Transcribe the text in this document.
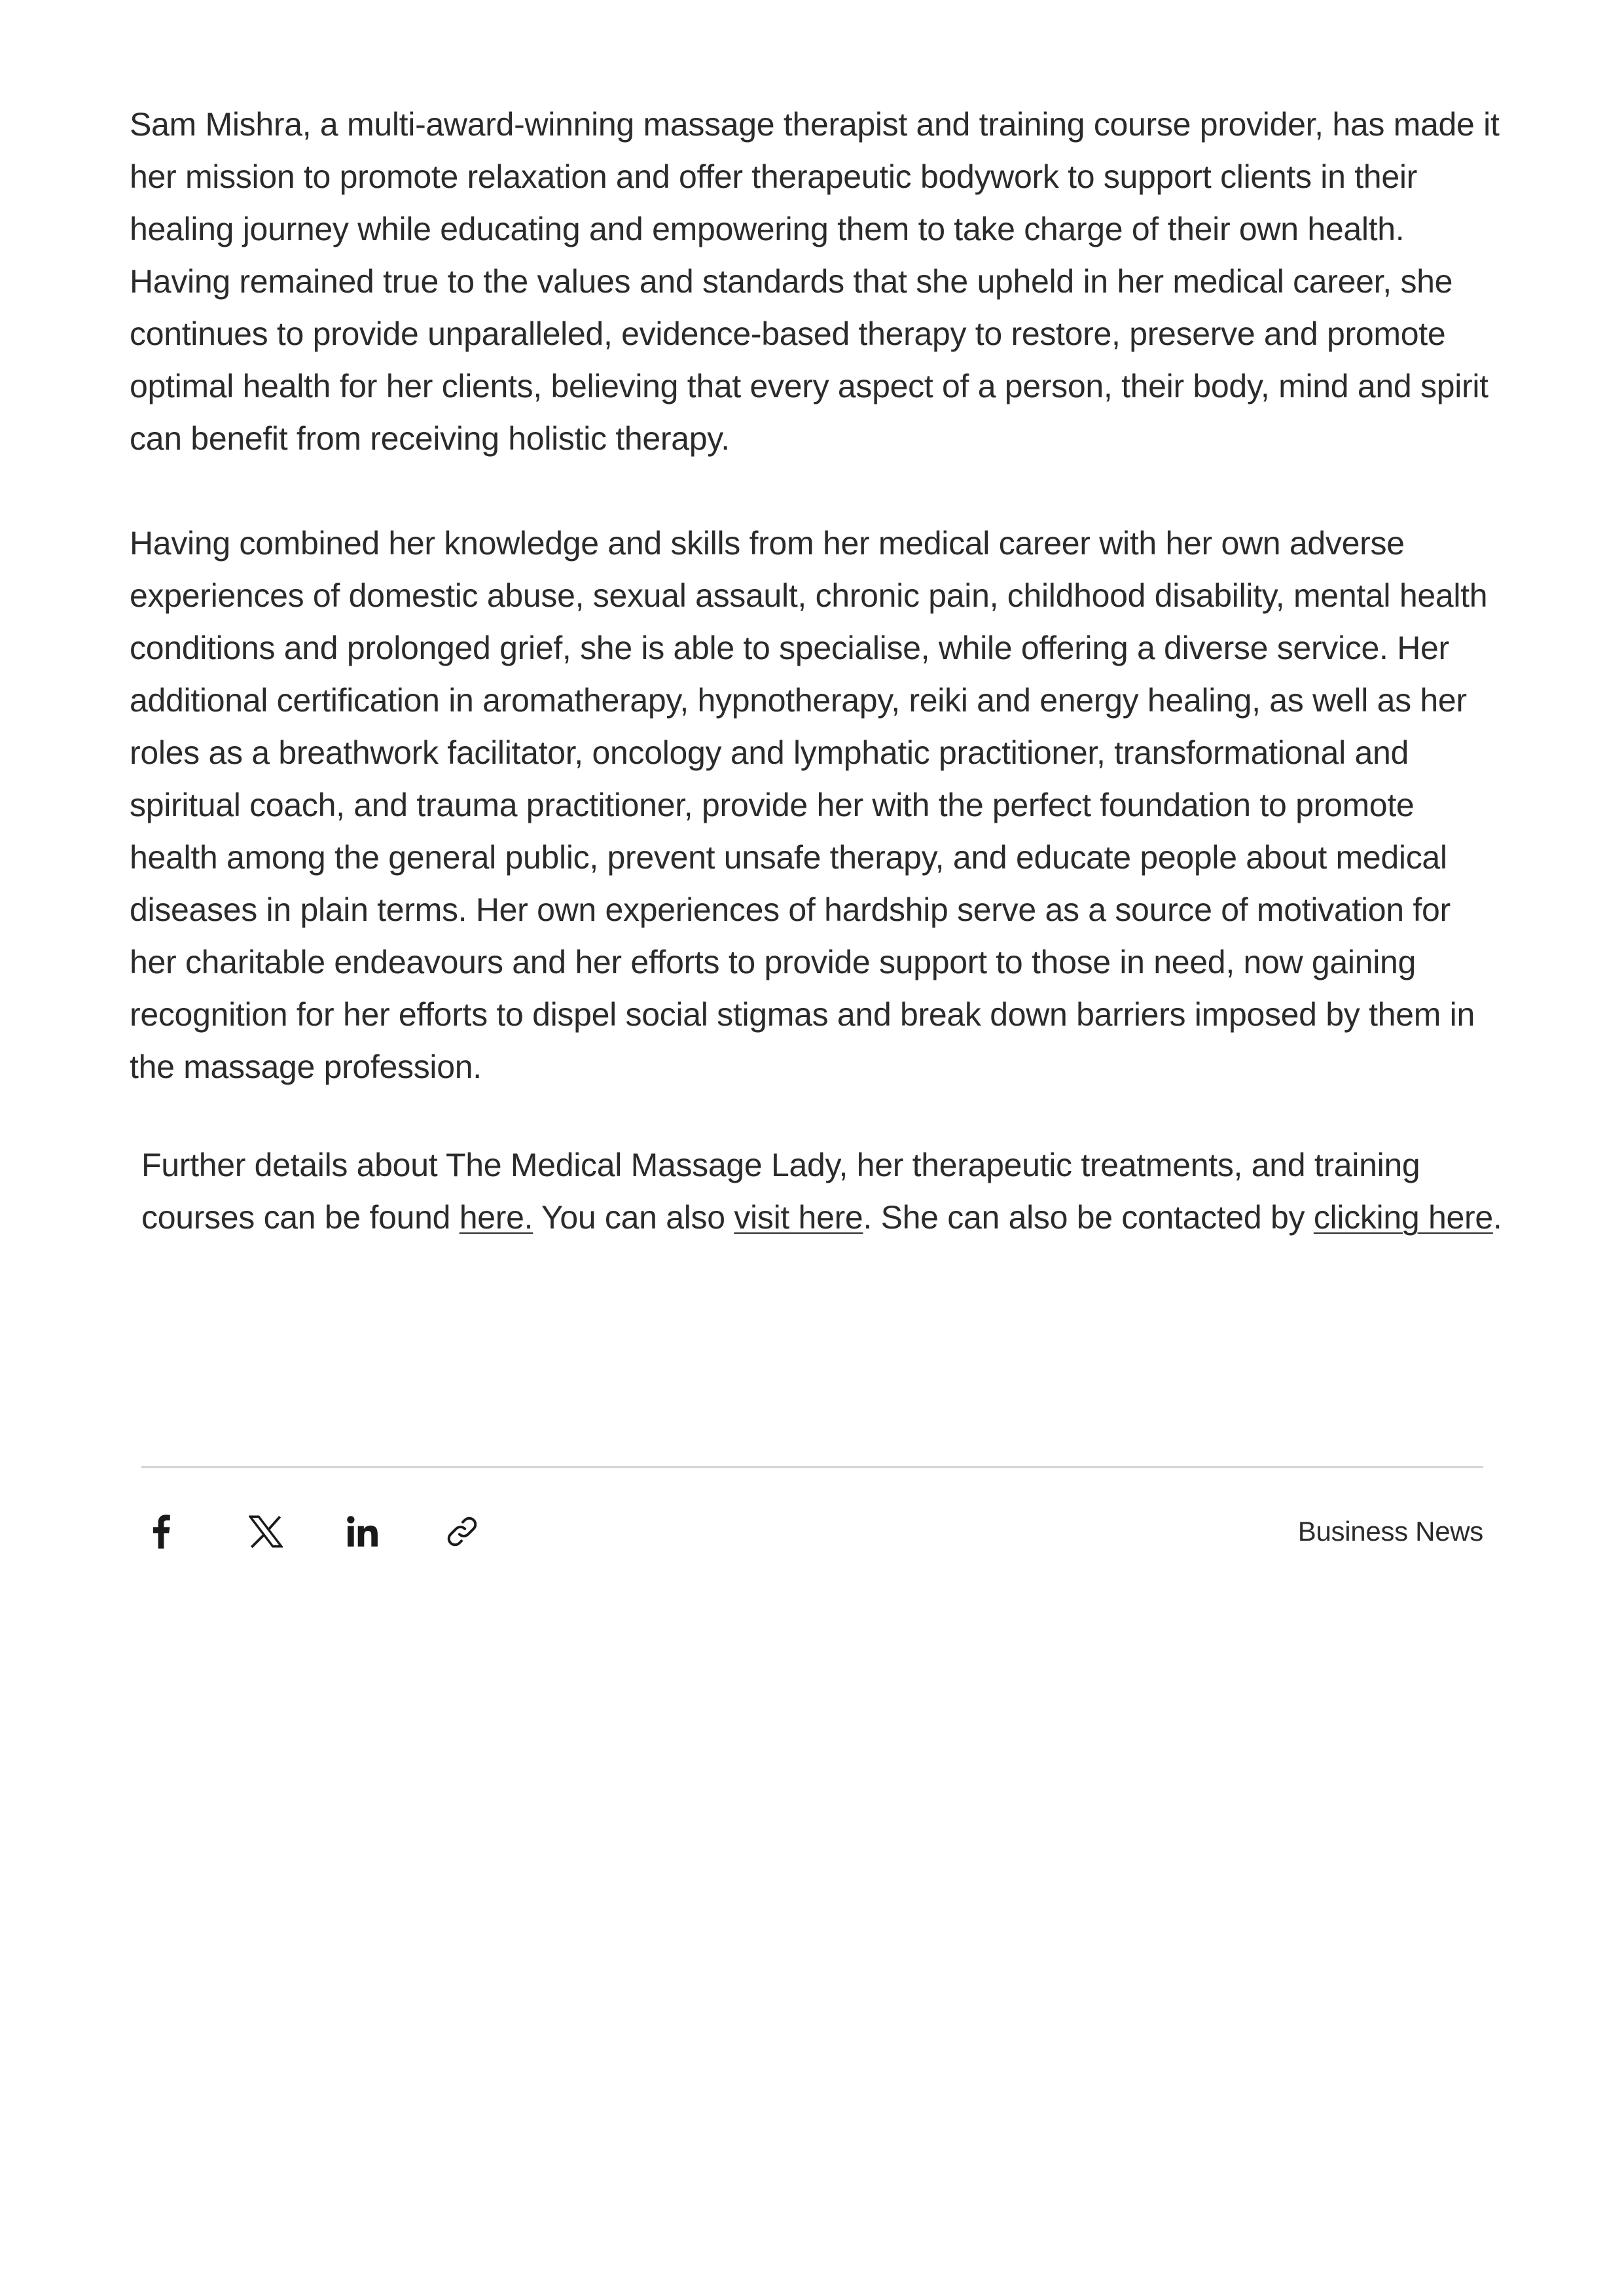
Sam Mishra, a multi-award-winning massage therapist and training course provider, has made it her mission to promote relaxation and offer therapeutic bodywork to support clients in their healing journey while educating and empowering them to take charge of their own health. Having remained true to the values and standards that she upheld in her medical career, she continues to provide unparalleled, evidence-based therapy to restore, preserve and promote optimal health for her clients, believing that every aspect of a person, their body, mind and spirit can benefit from receiving holistic therapy.

Having combined her knowledge and skills from her medical career with her own adverse experiences of domestic abuse, sexual assault, chronic pain, childhood disability, mental health conditions and prolonged grief, she is able to specialise, while offering a diverse service. Her additional certification in aromatherapy, hypnotherapy, reiki and energy healing, as well as her roles as a breathwork facilitator, oncology and lymphatic practitioner, transformational and spiritual coach, and trauma practitioner, provide her with the perfect foundation to promote health among the general public, prevent unsafe therapy, and educate people about medical diseases in plain terms. Her own experiences of hardship serve as a source of motivation for her charitable endeavours and her efforts to provide support to those in need, now gaining recognition for her efforts to dispel social stigmas and break down barriers imposed by them in the massage profession.

Further details about The Medical Massage Lady, her therapeutic treatments, and training courses can be found here. You can also visit here. She can also be contacted by clicking here.

Business News
